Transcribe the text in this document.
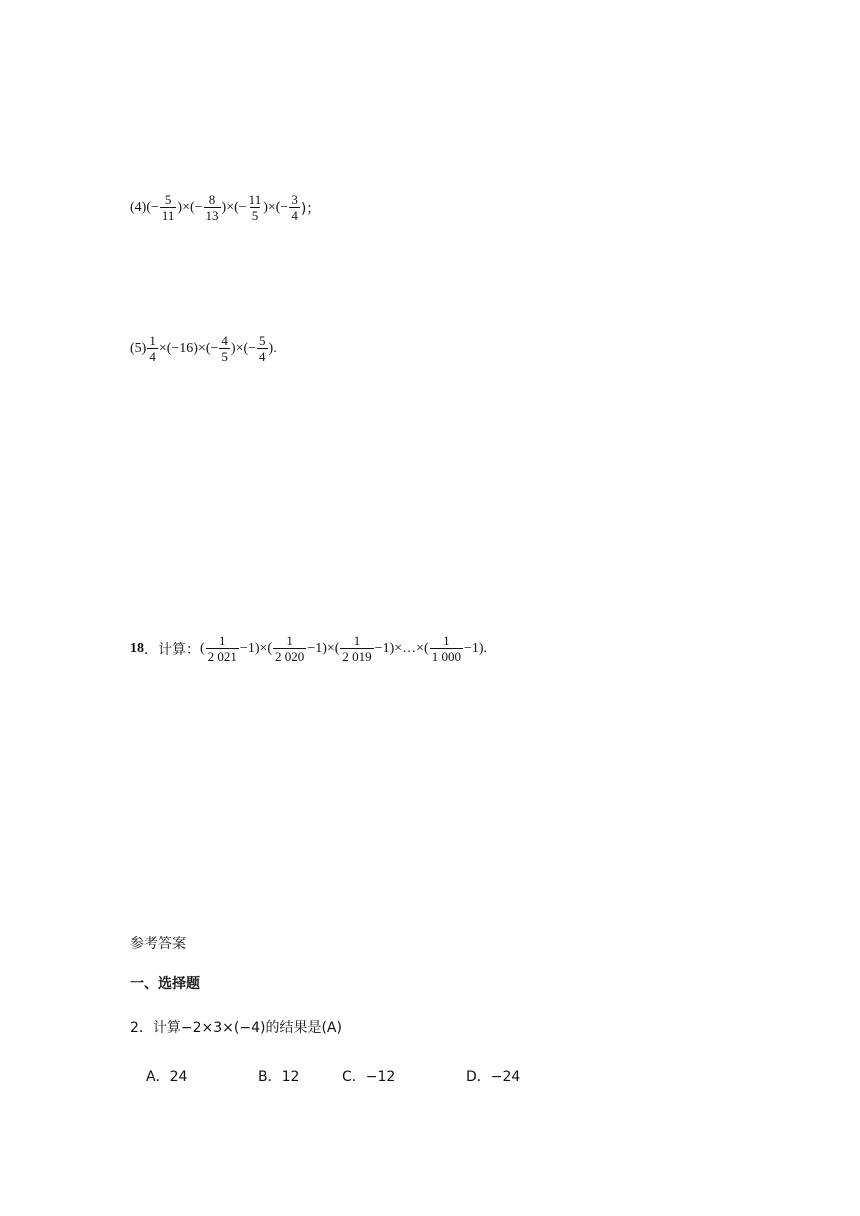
(4) (− $\frac{5}{11}$ )× (− $\frac{8}{13}$ )× (− $\frac{11}{5}$ )× (− $\frac{3}{4}$ )；
$(5) \frac{1}{4} \times(-16)\times(- \frac{4}{5}$ )×(− $\frac{5}{4}$ ).
18 ． 计算： ( $\frac{1}{2 021} -1)\times$ ( $\frac{1}{2 020} -1)\times$ ( $\frac{1}{2 019}$ −1)×…× ( $\frac{1}{1 000} -1$).
参考答案
一、选择题
2．计算−2×3×(−4)的结果是(A)
A．24	B．12	C．−12	D．−24
